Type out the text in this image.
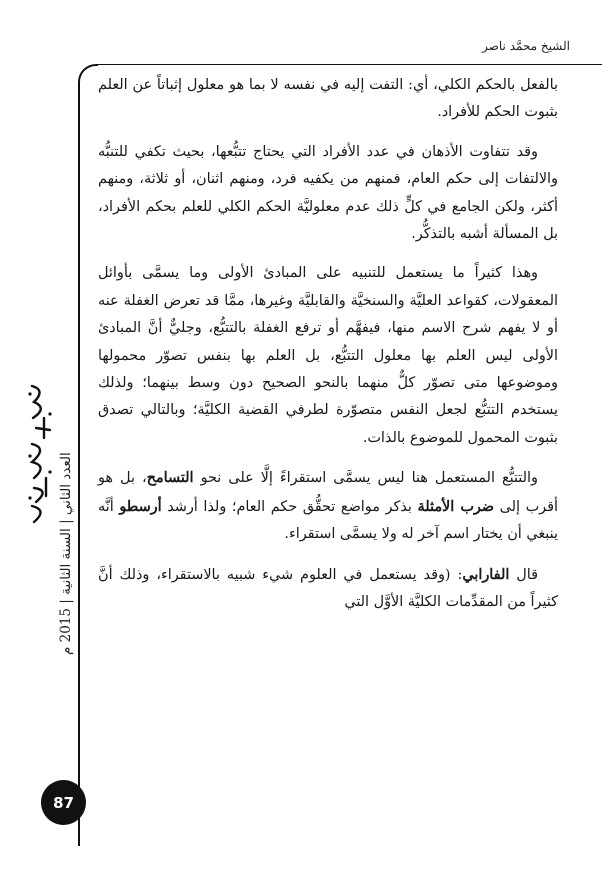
الشيخ محمَّد ناصر
العدد الثاني | السنة الثانية | 2015 م
87

بالفعل بالحكم الكلي، أي: التفت إليه في نفسه لا بما هو معلول إثباتاً عن العلم بثبوت الحكم للأفراد.

وقد تتفاوت الأذهان في عدد الأفراد التي يحتاج تتبُّعها، بحيث تكفي للتنبُّه والالتفات إلى حكم العام، فمنهم من يكفيه فرد، ومنهم اثنان، أو ثلاثة، ومنهم أكثر، ولكن الجامع في كلٍّ ذلك عدم معلوليَّة الحكم الكلي للعلم بحكم الأفراد، بل المسألة أشبه بالتذكُّر.

وهذا كثيراً ما يستعمل للتنبيه على المبادئ الأولى وما يسمَّى بأوائل المعقولات، كقواعد العليَّة والسنخيَّة والقابليَّة وغيرها، ممَّا قد تعرض الغفلة عنه أو لا يفهم شرح الاسم منها، فيفهَّم أو ترفع الغفلة بالتتبُّع، وجليٌّ أنَّ المبادئ الأولى ليس العلم بها معلول التتبُّع، بل العلم بها بنفس تصوّر محمولها وموضوعها متى تصوّر كلٌّ منهما بالنحو الصحيح دون وسط بينهما؛ ولذلك يستخدم التتبُّع لجعل النفس متصوّرة لطرفي القضية الكليَّة؛ وبالتالي تصدق بثبوت المحمول للموضوع بالذات.

والتتبُّع المستعمل هنا ليس يسمَّى استقراءً إلَّا على نحو التسامح، بل هو أقرب إلى ضرب الأمثلة بذكر مواضع تحقُّق حكم العام؛ ولذا أرشد أرسطو أنَّه ينبغي أن يختار اسم آخر له ولا يسمَّى استقراء.

قال الفارابي: (وقد يستعمل في العلوم شيء شبيه بالاستقراء، وذلك أنَّ كثيراً من المقدِّمات الكليَّة الأوَّل التي
